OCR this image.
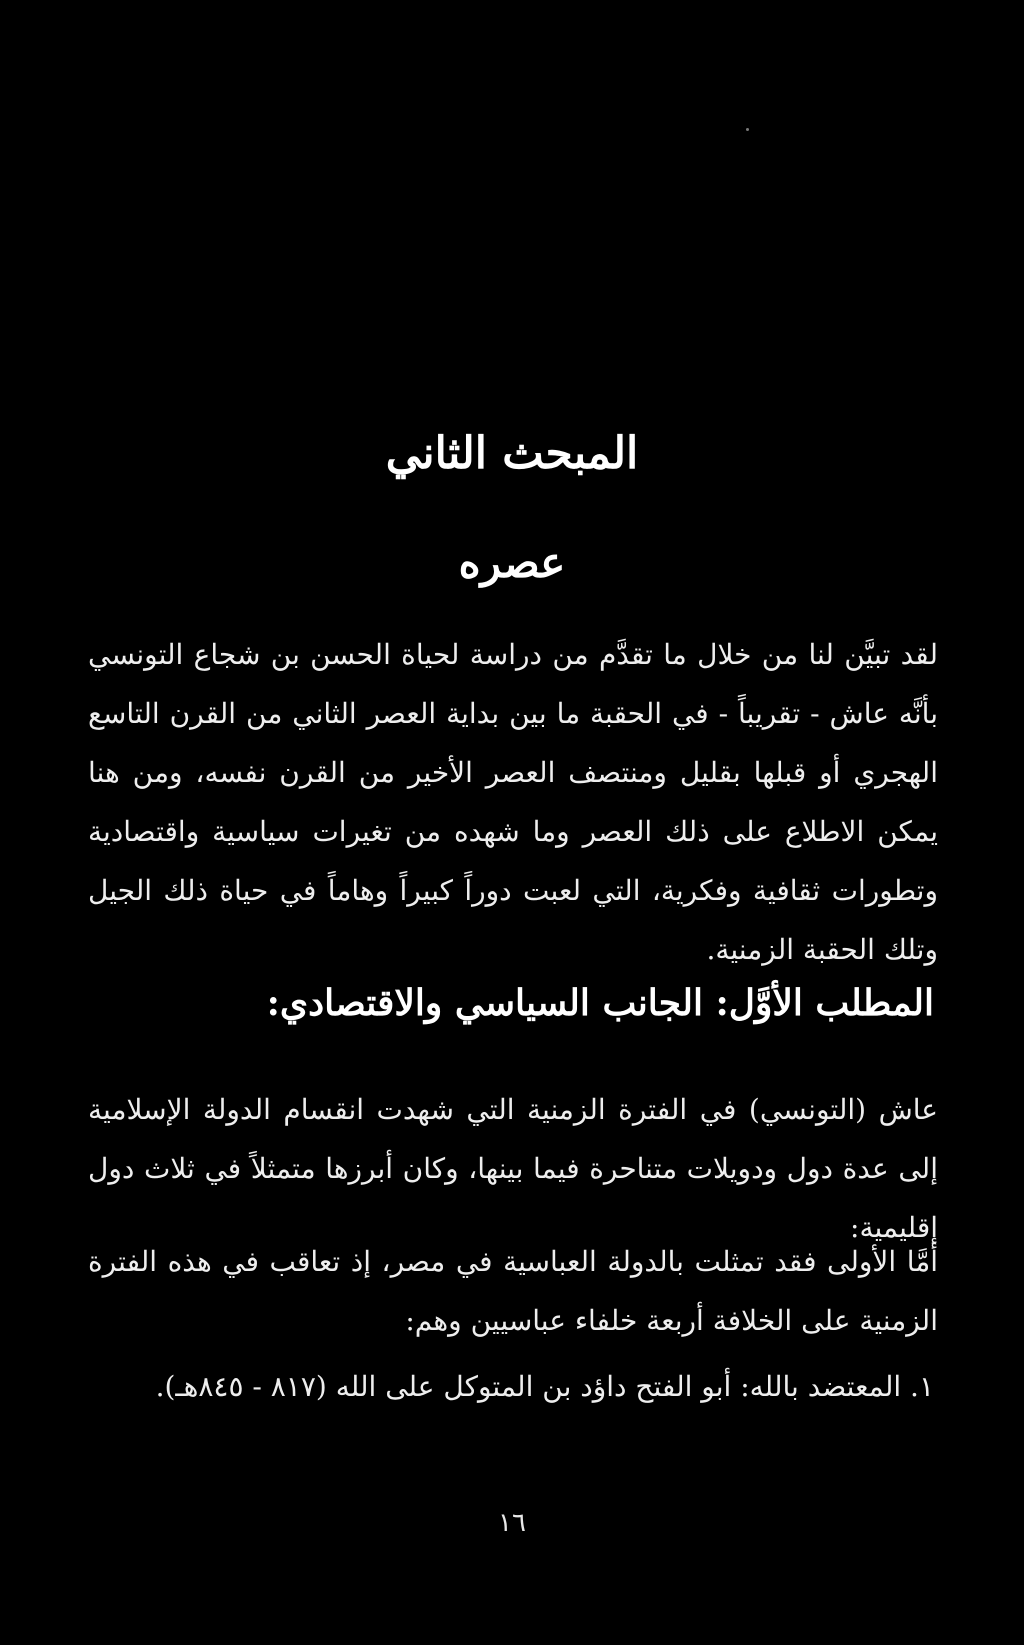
المبحث الثاني
عصره

لقد تبيَّن لنا من خلال ما تقدَّم من دراسة لحياة الحسن بن شجاع التونسي بأنَّه عاش - تقريباً - في الحقبة ما بين بداية العصر الثاني من القرن التاسع الهجري أو قبلها بقليل ومنتصف العصر الأخير من القرن نفسه، ومن هنا يمكن الاطلاع على ذلك العصر وما شهده من تغيرات سياسية واقتصادية وتطورات ثقافية وفكرية، التي لعبت دوراً كبيراً وهاماً في حياة ذلك الجيل وتلك الحقبة الزمنية.

المطلب الأوَّل: الجانب السياسي والاقتصادي:

عاش (التونسي) في الفترة الزمنية التي شهدت انقسام الدولة الإسلامية إلى عدة دول ودويلات متناحرة فيما بينها، وكان أبرزها متمثلاً في ثلاث دول إقليمية:

أمَّا الأولى فقد تمثلت بالدولة العباسية في مصر، إذ تعاقب في هذه الفترة الزمنية على الخلافة أربعة خلفاء عباسيين وهم:

١. المعتضد بالله: أبو الفتح داؤد بن المتوكل على الله (٨١٧ - ٨٤٥هـ).
١٦
